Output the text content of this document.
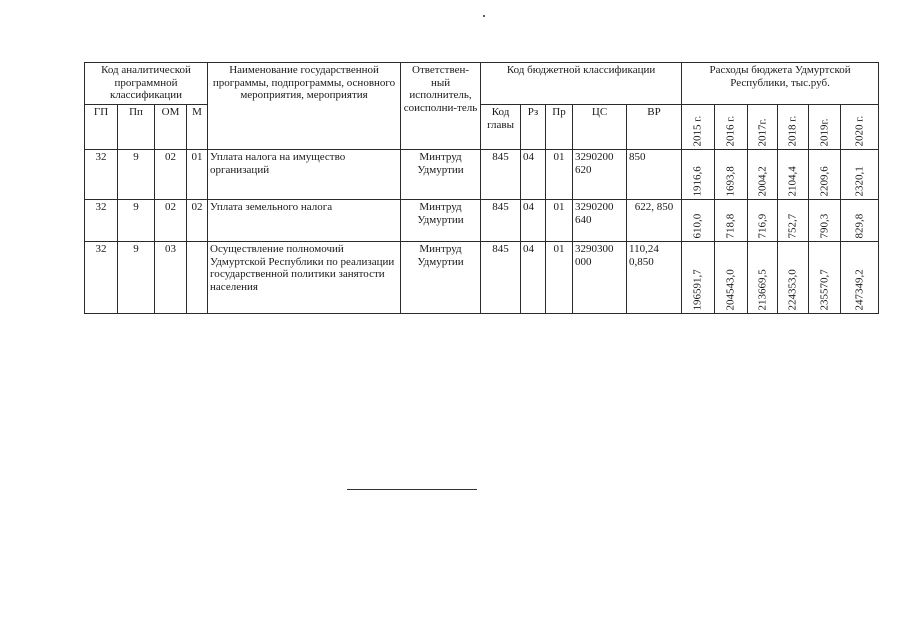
Код аналитической программной классификации				Наименование государственной программы, подпрограммы, основного мероприятия, мероприятия	Ответствен-ный исполнитель, соисполни-тель	Код бюджетной классификации					Расходы бюджета Удмуртской Республики, тыс.руб.					
ГП	Пп	ОМ	М			Код главы	Рз	Пр	ЦС	ВР	2015 г.	2016 г.	2017г.	2018 г.	2019г.	2020 г.

32	9	02	01	Уплата налога на имущество организаций	Минтруд Удмуртии	845	04	01	3290200 620	850	1916,6	1693,8	2004,2	2104,4	2209,6	2320,1

32	9	02	02	Уплата земельного налога	Минтруд Удмуртии	845	04	01	3290200 640	622, 850	610,0	718,8	716,9	752,7	790,3	829,8

32	9	03		Осуществление полномочий Удмуртской Республики по реализации государственной политики занятости населения	Минтруд Удмуртии	845	04	01	3290300 000	110,24 0,850	196591,7	204543,0	213669,5	224353,0	235570,7	247349,2
